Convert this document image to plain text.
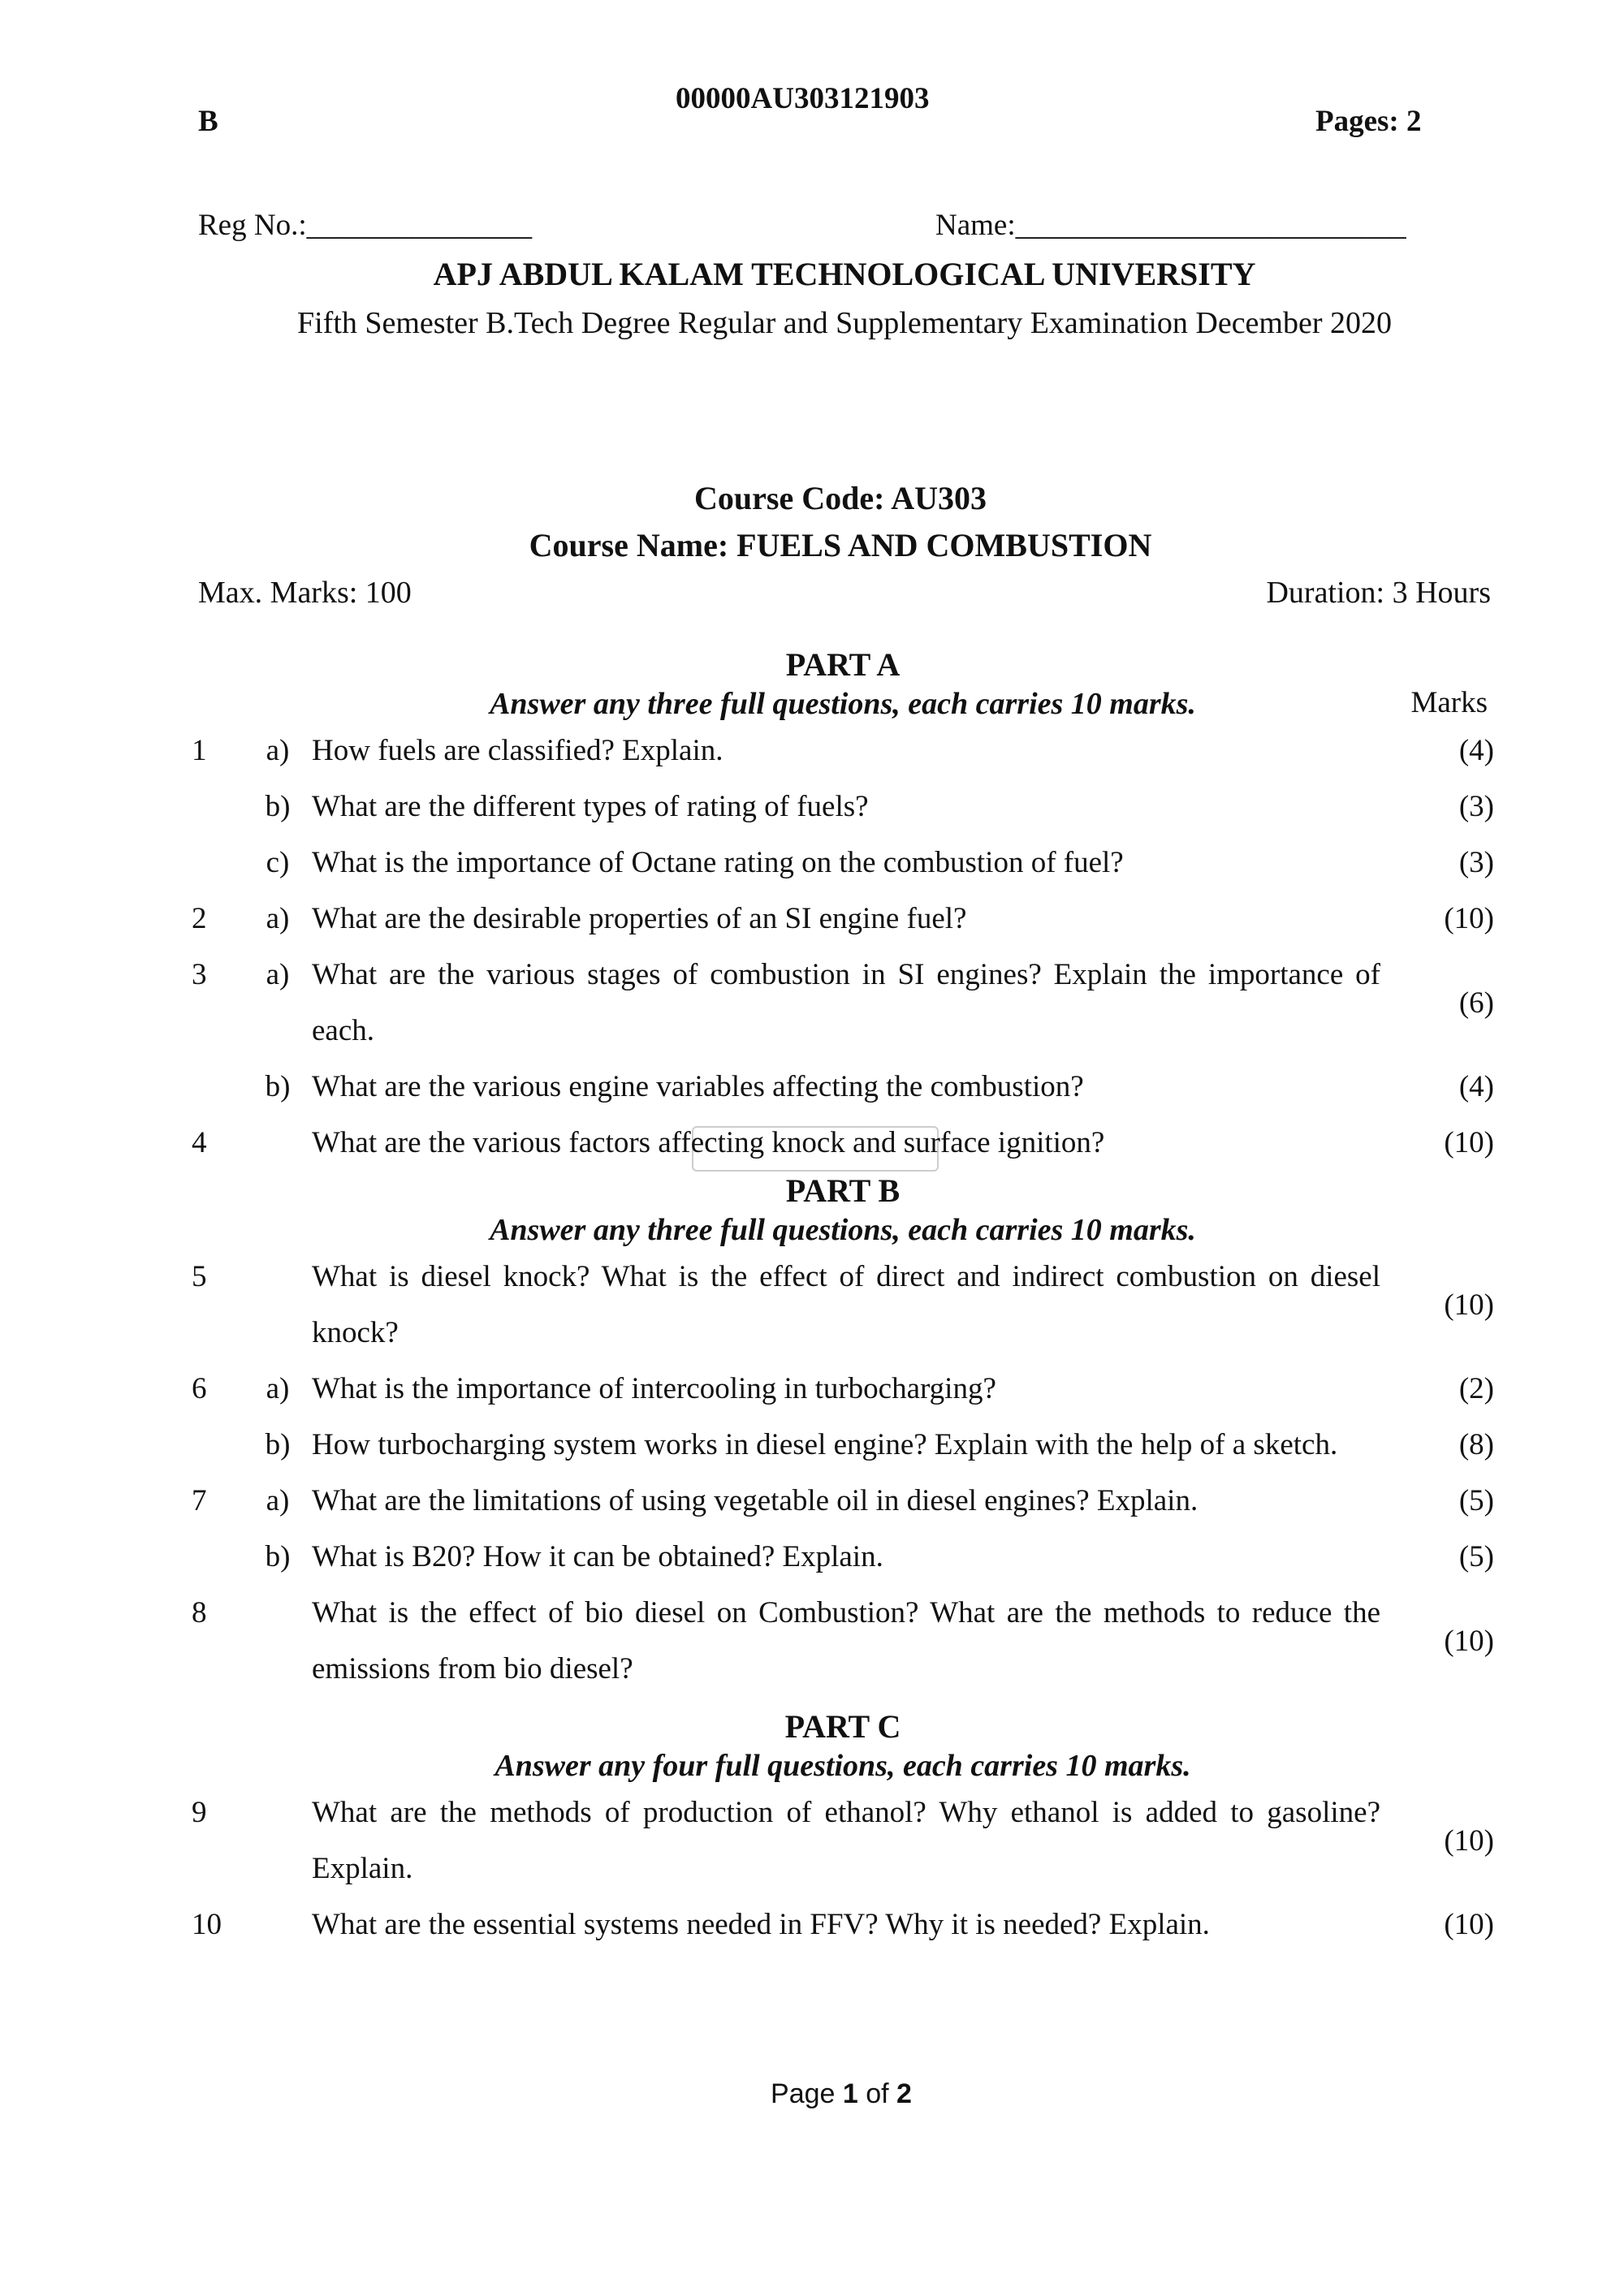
00000AU303121903
B	Pages: 2
Reg No.:_______________	Name:__________________________
APJ ABDUL KALAM TECHNOLOGICAL UNIVERSITY
Fifth Semester B.Tech Degree Regular and Supplementary Examination December 2020
Course Code: AU303
Course Name: FUELS AND COMBUSTION
Max. Marks: 100	Duration: 3 Hours
Marks
PART A
Answer any three full questions, each carries 10 marks.
1	a) How fuels are classified? Explain.	(4)
b) What are the different types of rating of fuels?	(3)
c) What is the importance of Octane rating on the combustion of fuel?	(3)
2	a) What are the desirable properties of an SI engine fuel?	(10)
3	a) What are the various stages of combustion in SI engines? Explain the importance of each.
(6)
b) What are the various engine variables affecting the combustion?	(4)
4	What are the various factors affecting knock and surface ignition?	(10)
PART B
Answer any three full questions, each carries 10 marks.
5	What is diesel knock? What is the effect of direct and indirect combustion on diesel knock?
(10)
6	a) What is the importance of intercooling in turbocharging?	(2)
b) How turbocharging system works in diesel engine? Explain with the help of a sketch.	(8)
7	a) What are the limitations of using vegetable oil in diesel engines? Explain.	(5)
b) What is B20? How it can be obtained? Explain.	(5)
8	What is the effect of bio diesel on Combustion? What are the methods to reduce the emissions from bio diesel?
(10)
PART C
Answer any four full questions, each carries 10 marks.
9	What are the methods of production of ethanol? Why ethanol is added to gasoline? Explain.
(10)
10	What are the essential systems needed in FFV? Why it is needed? Explain.	(10)
Page 1 of 2
